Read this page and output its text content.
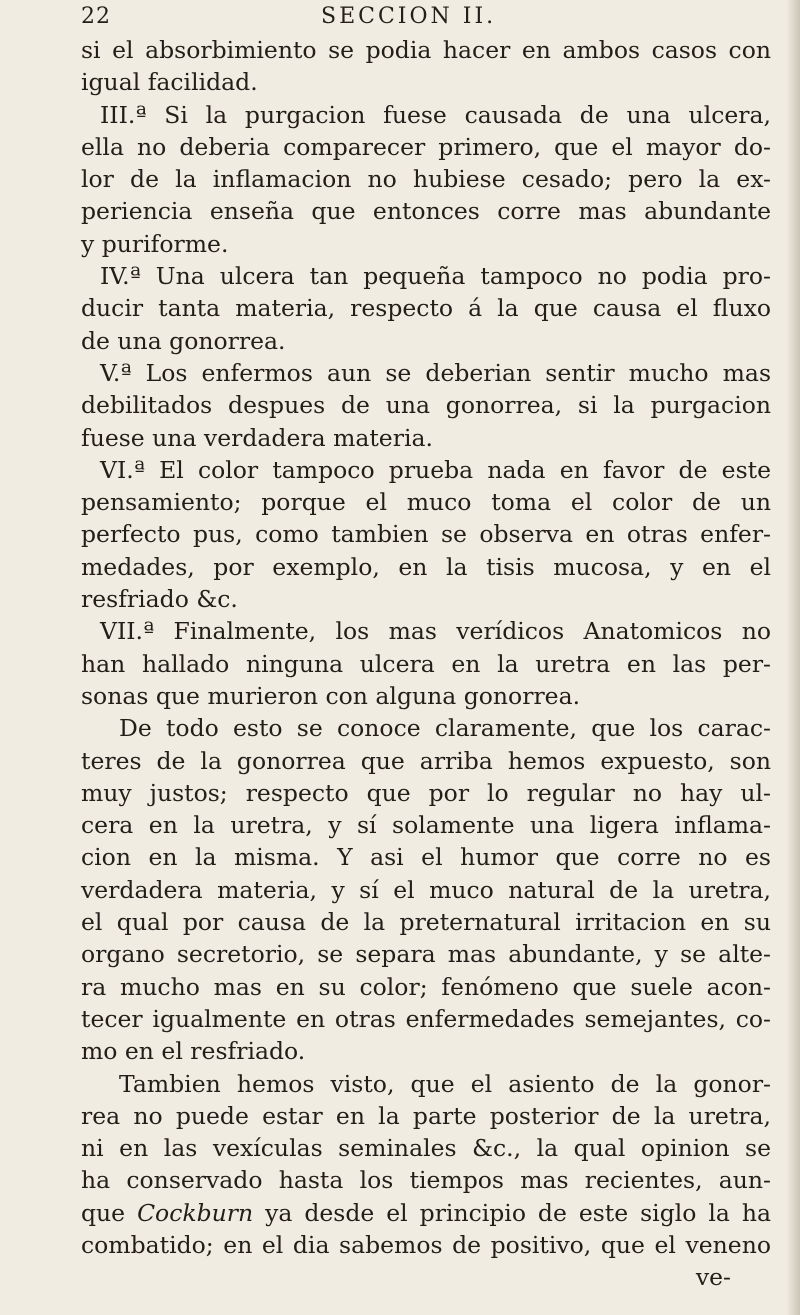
22	SECCION II.
si el absorbimiento se podia hacer en ambos casos con
igual facilidad.
III.ª Si la purgacion fuese causada de una ulcera,
ella no deberia comparecer primero, que el mayor do-
lor de la inflamacion no hubiese cesado; pero la ex-
periencia enseña que entonces corre mas abundante
y puriforme.
IV.ª Una ulcera tan pequeña tampoco no podia pro-
ducir tanta materia, respecto á la que causa el fluxo
de una gonorrea.
V.ª Los enfermos aun se deberian sentir mucho mas
debilitados despues de una gonorrea, si la purgacion
fuese una verdadera materia.
VI.ª El color tampoco prueba nada en favor de este
pensamiento; porque el muco toma el color de un
perfecto pus, como tambien se observa en otras enfer-
medades, por exemplo, en la tisis mucosa, y en el
resfriado &c.
VII.ª Finalmente, los mas verídicos Anatomicos no
han hallado ninguna ulcera en la uretra en las per-
sonas que murieron con alguna gonorrea.
De todo esto se conoce claramente, que los carac-
teres de la gonorrea que arriba hemos expuesto, son
muy justos; respecto que por lo regular no hay ul-
cera en la uretra, y sí solamente una ligera inflama-
cion en la misma. Y asi el humor que corre no es
verdadera materia, y sí el muco natural de la uretra,
el qual por causa de la preternatural irritacion en su
organo secretorio, se separa mas abundante, y se alte-
ra mucho mas en su color; fenómeno que suele acon-
tecer igualmente en otras enfermedades semejantes, co-
mo en el resfriado.
Tambien hemos visto, que el asiento de la gonor-
rea no puede estar en la parte posterior de la uretra,
ni en las vexículas seminales &c., la qual opinion se
ha conservado hasta los tiempos mas recientes, aun-
que Cockburn ya desde el principio de este siglo la ha
combatido; en el dia sabemos de positivo, que el veneno
ve-
